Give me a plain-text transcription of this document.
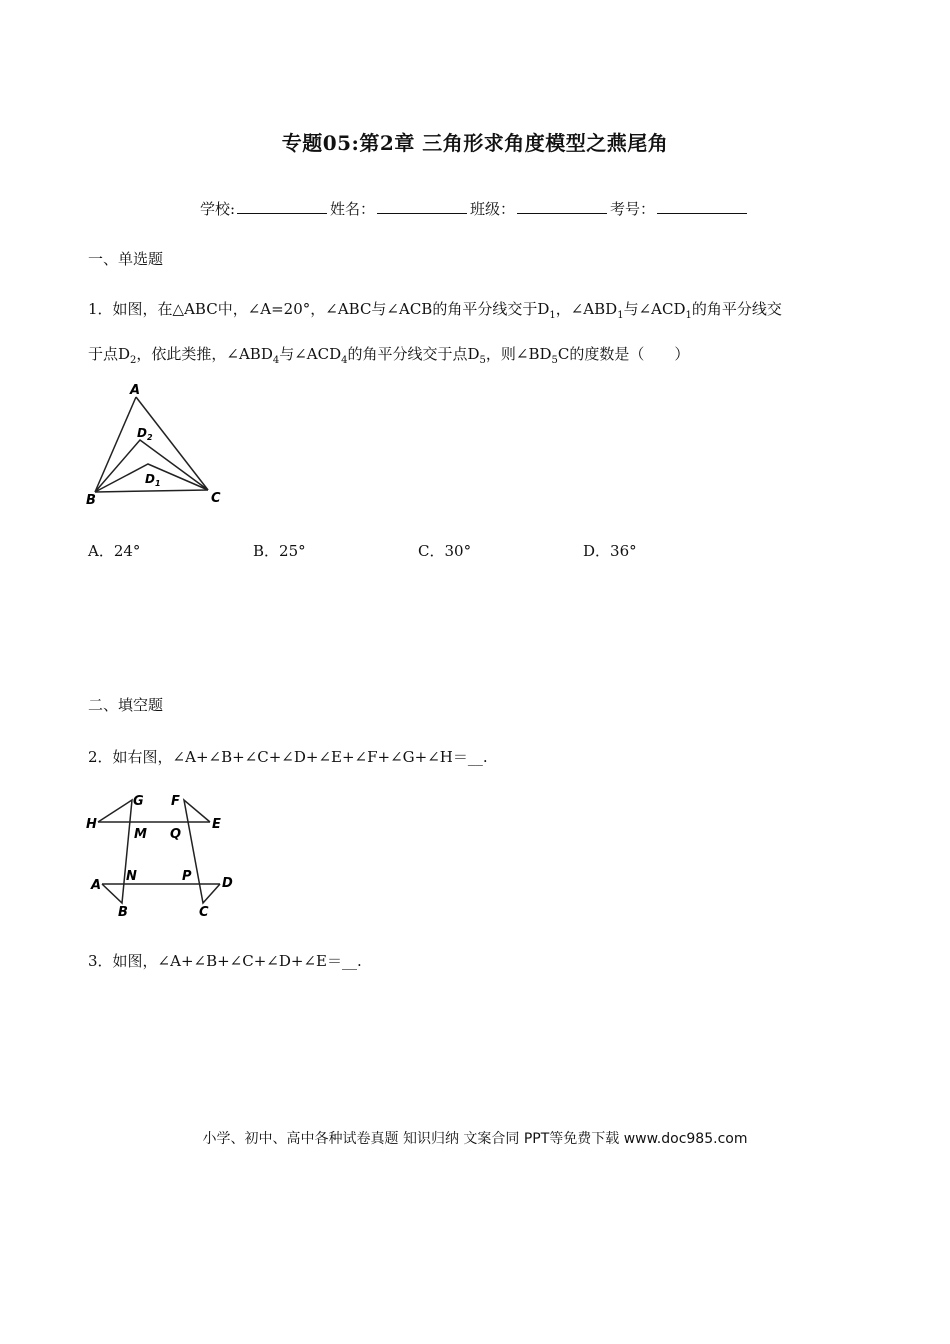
专题05:第2章 三角形求角度模型之燕尾角
学校:	姓名：	班级：	考号：
一、单选题
1．如图，在△ABC中，∠A=20°，∠ABC与∠ACB的角平分线交于$D_1$，$\angle ABD_1$与$\angle ACD_1$的角平分线交
于点$D_2$，依此类推，$\angle ABD_4$与$\angle ACD_4$的角平分线交于点$D_5$，则$\angle BD_5C$的度数是（　　）
A
B	C
$D_2$
$D_1$
A．24°	B．25°	C．30°	D．36°
二、填空题
2．如右图，∠A+∠B+∠C+∠D+∠E+∠F+∠G+∠H＝__.
H
G F
E
M Q
N	P
A	D
B	C
3．如图，∠A+∠B+∠C+∠D+∠E＝__.
小学、初中、高中各种试卷真题 知识归纳 文案合同 PPT等免费下载 www.doc985.com
